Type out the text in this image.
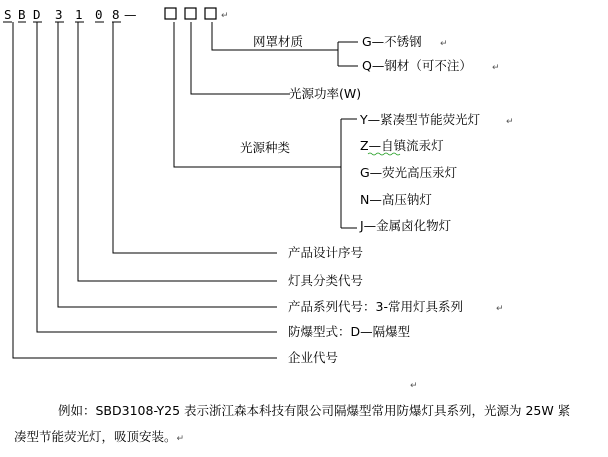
S B D 3 1 0 8 —	↵
网罩材质	G—不锈钢 ↵
Q—钢材（可不注） ↵
光源功率(W)
光源种类
Y—紧凑型节能荧光灯	↵
Z—自镇流汞灯
G—荧光高压汞灯
N—高压钠灯
J—金属卤化物灯
产品设计序号
灯具分类代号
产品系列代号：3-常用灯具系列	↵
防爆型式：D—隔爆型
企业代号
↵
例如：SBD3108-Y25 表示浙江森本科技有限公司隔爆型常用防爆灯具系列，光源为 25W 紧
凑型节能荧光灯，吸顶安装。↵
